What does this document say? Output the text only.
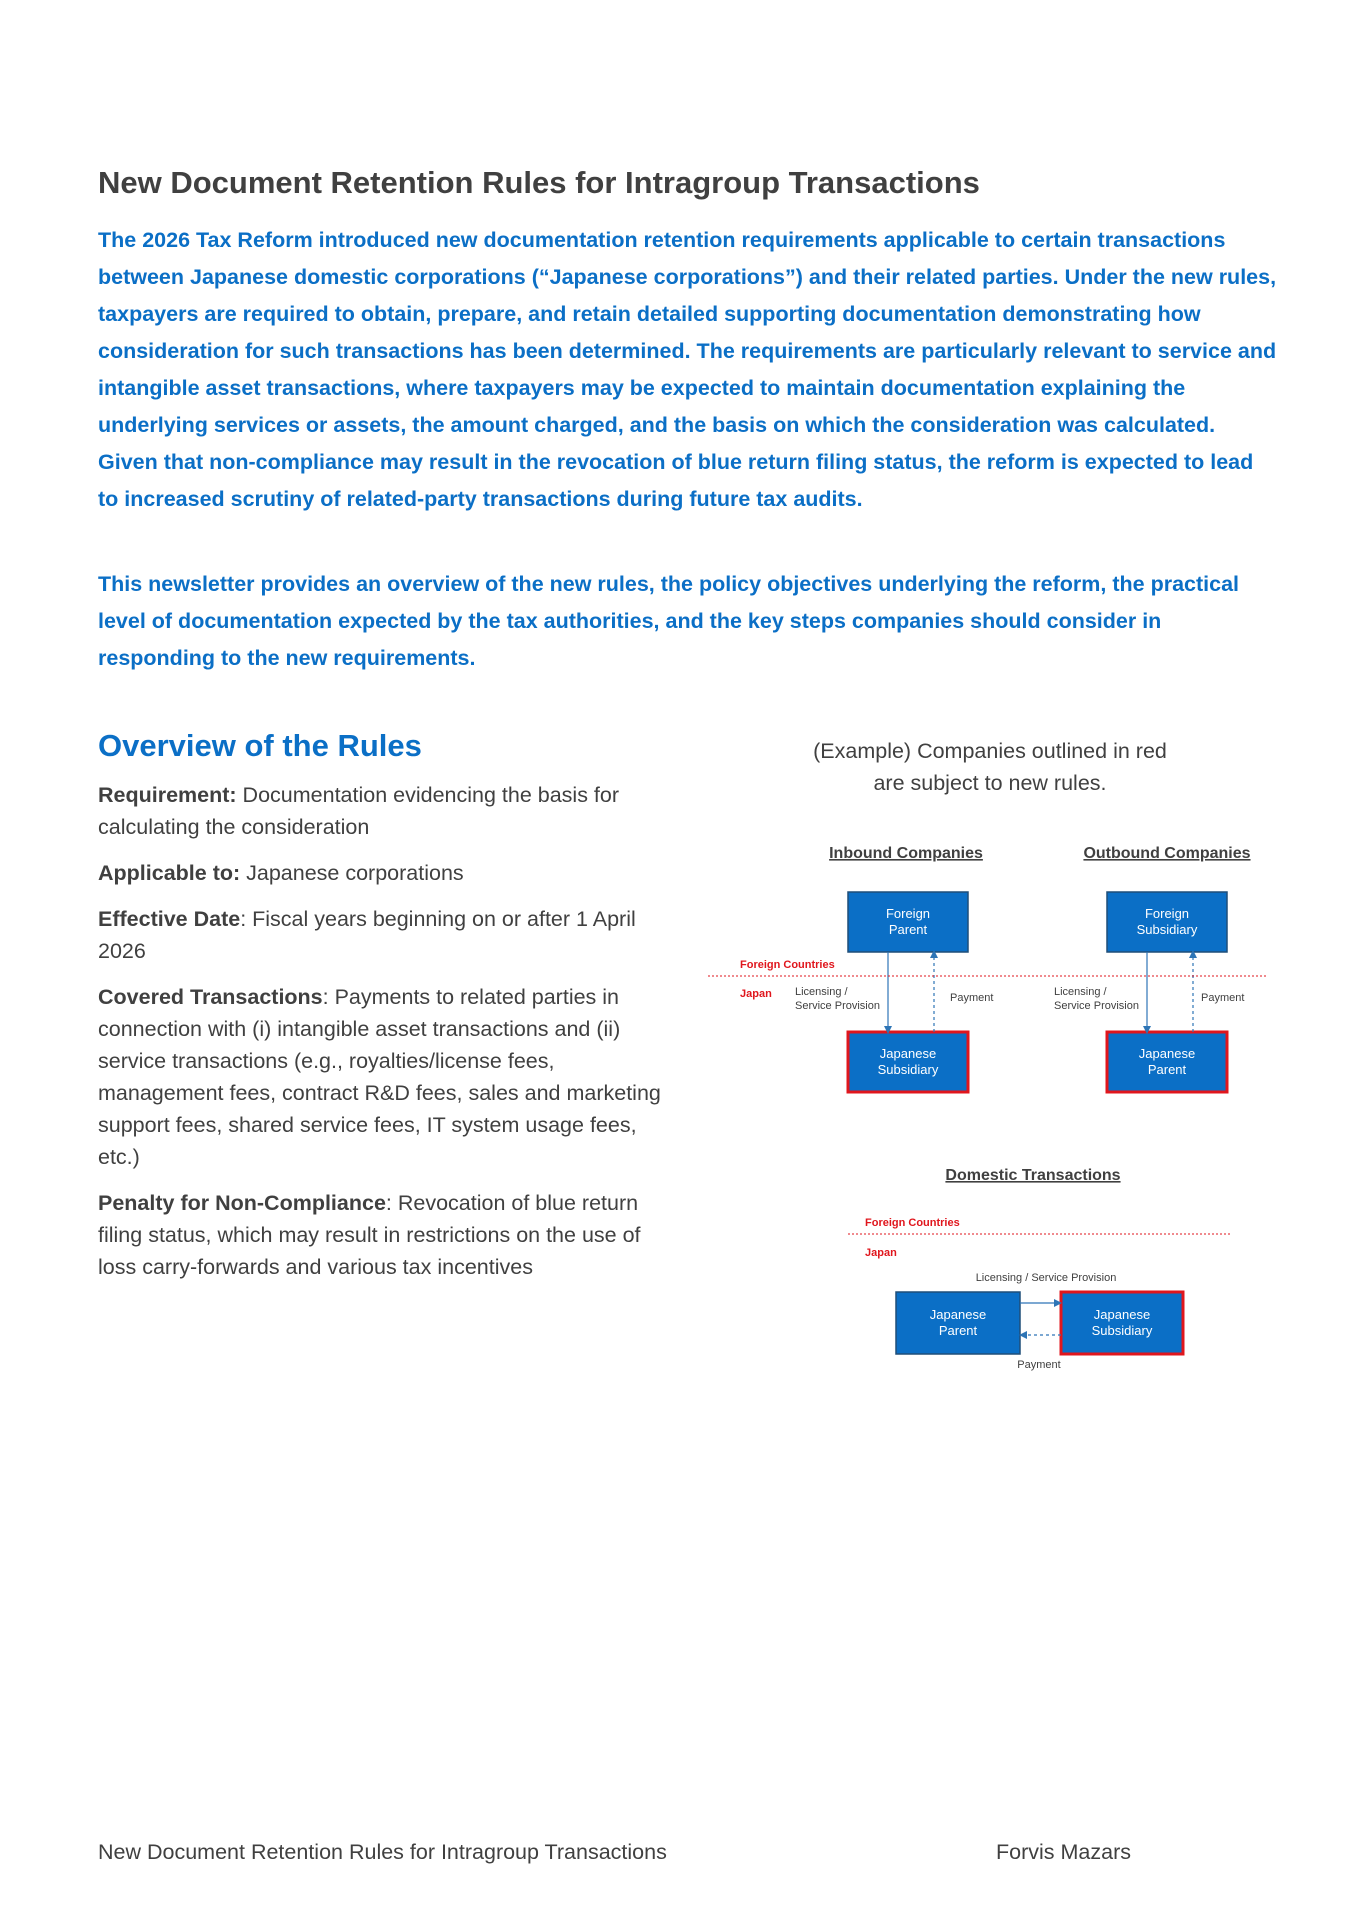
New Document Retention Rules for Intragroup Transactions

The 2026 Tax Reform introduced new documentation retention requirements applicable to certain transactions between Japanese domestic corporations (“Japanese corporations”) and their related parties. Under the new rules, taxpayers are required to obtain, prepare, and retain detailed supporting documentation demonstrating how consideration for such transactions has been determined. The requirements are particularly relevant to service and intangible asset transactions, where taxpayers may be expected to maintain documentation explaining the underlying services or assets, the amount charged, and the basis on which the consideration was calculated. Given that non-compliance may result in the revocation of blue return filing status, the reform is expected to lead to increased scrutiny of related-party transactions during future tax audits.

This newsletter provides an overview of the new rules, the policy objectives underlying the reform, the practical level of documentation expected by the tax authorities, and the key steps companies should consider in responding to the new requirements.

Overview of the Rules

Requirement: Documentation evidencing the basis for calculating the consideration

Applicable to: Japanese corporations

Effective Date: Fiscal years beginning on or after 1 April 2026

Covered Transactions: Payments to related parties in connection with (i) intangible asset transactions and (ii) service transactions (e.g., royalties/license fees, management fees, contract R&D fees, sales and marketing support fees, shared service fees, IT system usage fees, etc.)

Penalty for Non-Compliance: Revocation of blue return filing status, which may result in restrictions on the use of loss carry-forwards and various tax incentives

(Example) Companies outlined in red
are subject to new rules.
Inbound Companies
Foreign
Parent
Japanese
Subsidiary
Licensing /
Service Provision
Payment
Outbound Companies
Foreign
Subsidiary
Japanese
Parent
Licensing /
Service Provision
Payment
Foreign Countries
Japan
Domestic Transactions
Foreign Countries
Japan
Licensing / Service Provision
Japanese
Parent
Japanese
Subsidiary
Payment
New Document Retention Rules for Intragroup Transactions	Forvis Mazars
